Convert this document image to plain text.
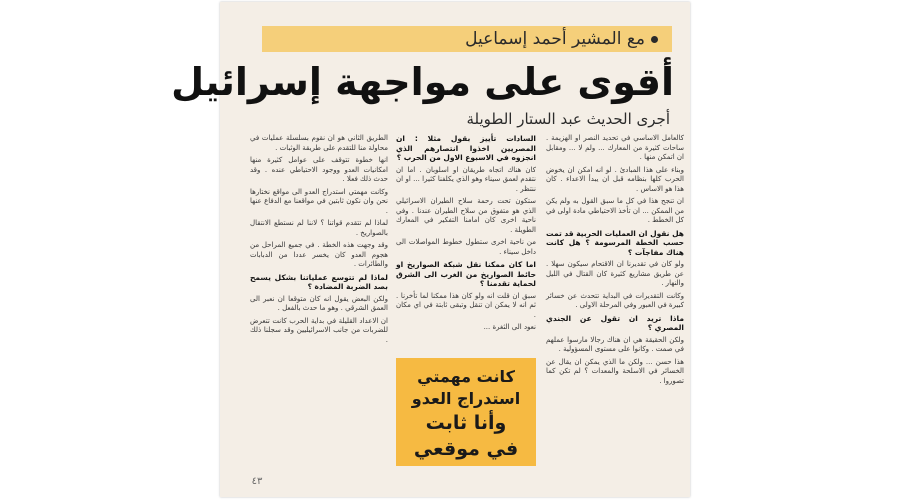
مع المشير أحمد إسماعيل
أقوى على مواجهة إسرائيل
أجرى الحديث عبد الستار الطويلة

كالعامل الاساسي في تحديد النصر او الهزيمة . ساحات كثيرة من المعارك ... ولم لا ... ومقابل ان اتمكن منها .

وبناء على هذا المبادئ . لو انه امكن ان يخوض الحرب كلها بنظامه قبل ان يبدأ الاعداء . كان هذا هو الاساس .

ان تنجح هذا في كل ما سبق القول به ولم يكن من الممكن ... ان تأخذ الاحتياطي مادة اولى في كل الخطط .

هل نقول ان العمليات الحربية قد تمت حسب الخطة المرسومة ؟ هل كانت هناك مفاجآت ؟

ولو كان في تقديرنا ان الاقتحام سيكون سهلا . عن طريق مشاريع كثيرة كان القتال في الليل والنهار .

وكانت التقديرات في البداية تتحدث عن خسائر كبيرة في العبور وفي المرحلة الاولى .

ماذا تريد ان تقول عن الجندي المصري ؟

ولكن الحقيقة هي ان هناك رجالا مارسوا عملهم في صمت . وكانوا على مستوى المسؤولية .

هذا حسن ... ولكن ما الذي يمكن ان يقال عن الخسائر في الاسلحة والمعدات ؟ لم تكن كما تصوروا .

السادات تأييز بقول مثلا : ان المصريين اخذوا انتصارهم الذي انجزوه في الاسبوع الاول من الحرب ؟

كان هناك اتجاه طريقان او اسلوبان . اما ان نتقدم لعمق سيناء وهو الذي يكلفنا كثيرا ... او ان ننتظر .

ستكون تحت رحمة سلاح الطيران الاسرائيلي الذي هو متفوق من سلاح الطيران عندنا . وفي ناحية اخرى كان امامنا التفكير في المعارك الطويلة .

من ناحية اخرى ستطول خطوط المواصلات الى داخل سيناء .

اما كان ممكنا نقل شبكة الصواريخ او حائط الصواريخ من الغرب الى الشرق لحماية تقدمنا ؟

سبق ان قلت انه ولو كان هذا ممكنا لما تأخرنا . ثم انه لا يمكن ان تنقل وتبقى ثابتة في اي مكان .

نعود الى الثغرة ...

الطريق الثاني هو ان نقوم بسلسلة عمليات في محاولة منا للتقدم على طريقة الوثبات .

انها خطوة تتوقف على عوامل كثيرة منها امكانيات العدو ووجود الاحتياطي عنده . وقد حدث ذلك فعلا .

وكانت مهمتي استدراج العدو الى مواقع نختارها نحن وان نكون ثابتين في مواقعنا مع الدفاع عنها .

لماذا لم تتقدم قواتنا ؟ لاننا لم نستطع الانتقال بالصواريخ .

وقد وجهت هذه الخطة . في جميع المراحل من هجوم العدو كان يخسر عددا من الدبابات والطائرات .

لماذا لم تتوسع عملياتنا بشكل يسمح بصد الضربة المضادة ؟

ولكن البعض يقول انه كان متوقعا ان نعبر الى العمق الشرقي . وهو ما حدث بالفعل .

ان الاعداد القليلة في بداية الحرب كانت تتعرض للضربات من جانب الاسرائيليين وقد سجلنا ذلك .

كانت مهمتي
استدراج العدو
وأنا ثابت
في موقعي
٤٣
